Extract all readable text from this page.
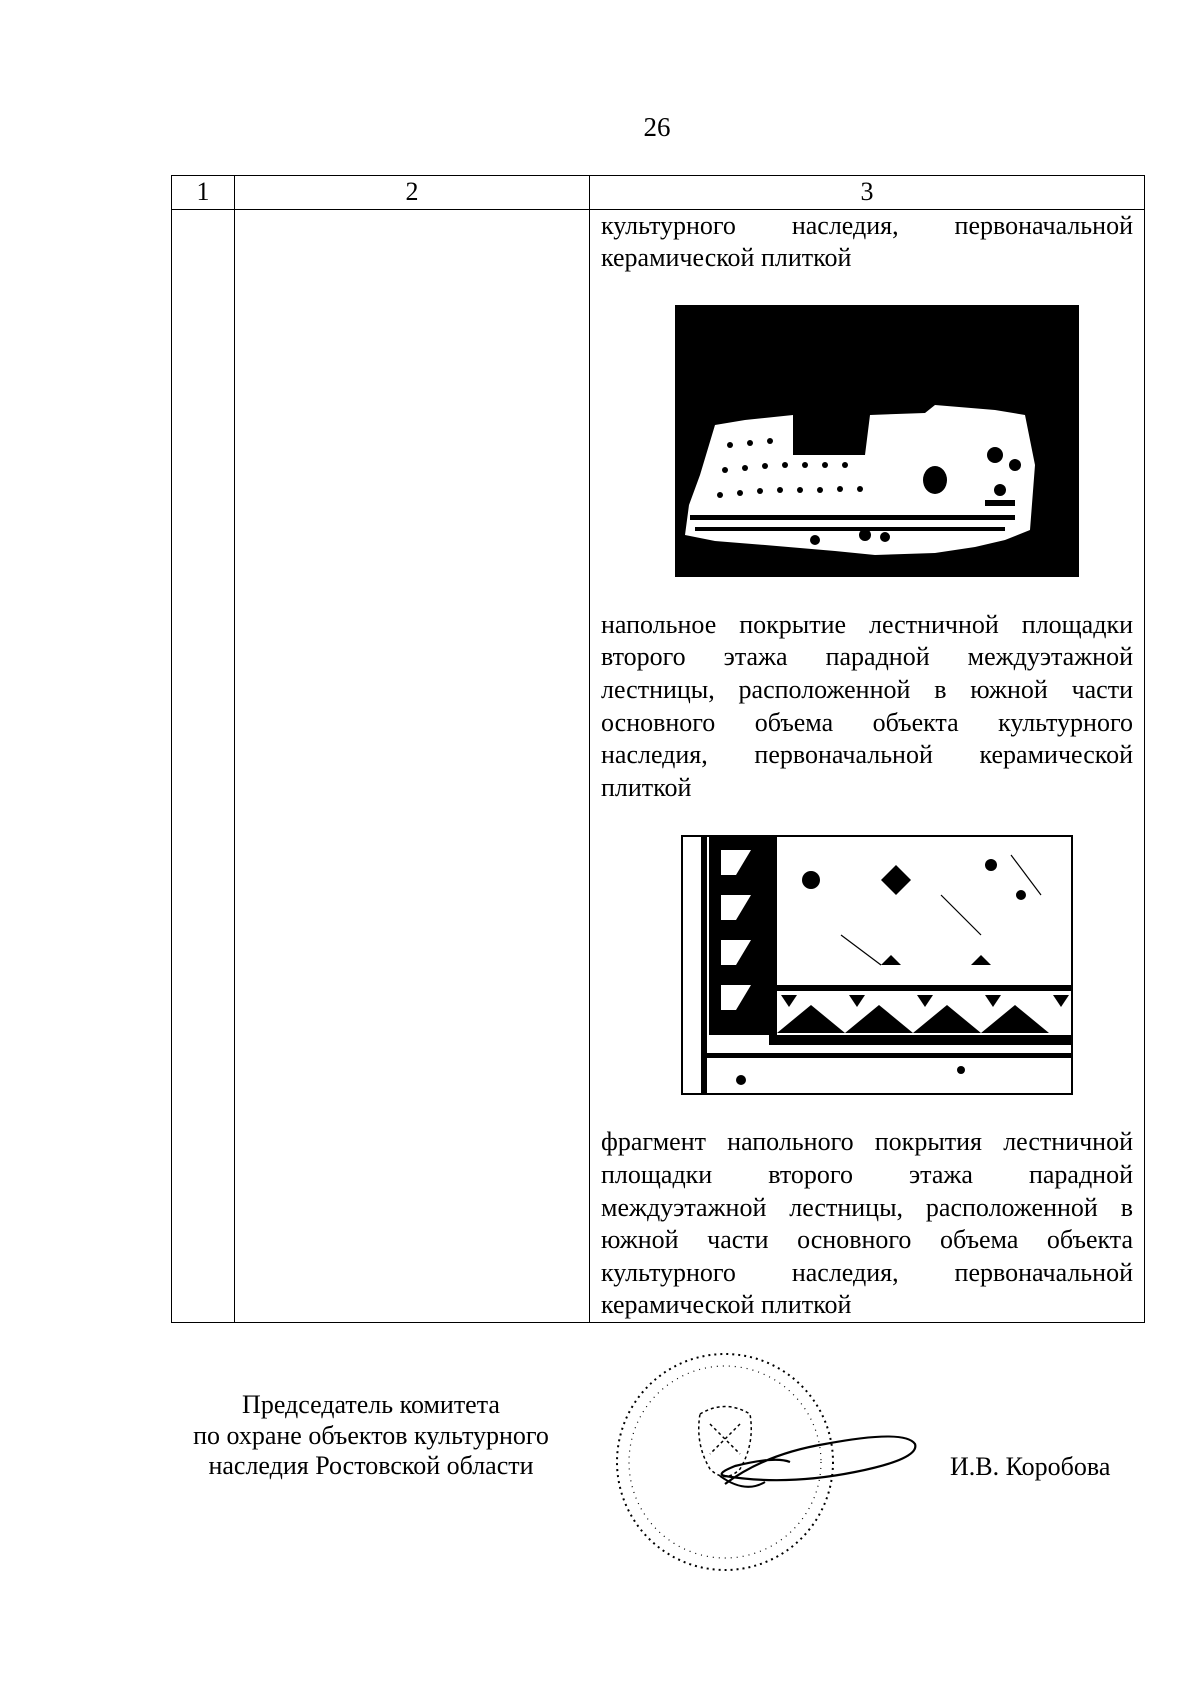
26
1	2	3

		культурного наследия, первоначальной керамической плиткой

напольное покрытие лестничной площадки второго этажа парадной междуэтажной лестницы, расположенной в южной части основного объема объекта культурного наследия, первоначальной керамической плиткой

фрагмент напольного покрытия лестничной площадки второго этажа парадной междуэтажной лестницы, расположенной в южной части основного объема объекта культурного наследия, первоначальной керамической плиткой

Председатель комитета
по охране объектов культурного
наследия Ростовской области	И.В. Коробова
